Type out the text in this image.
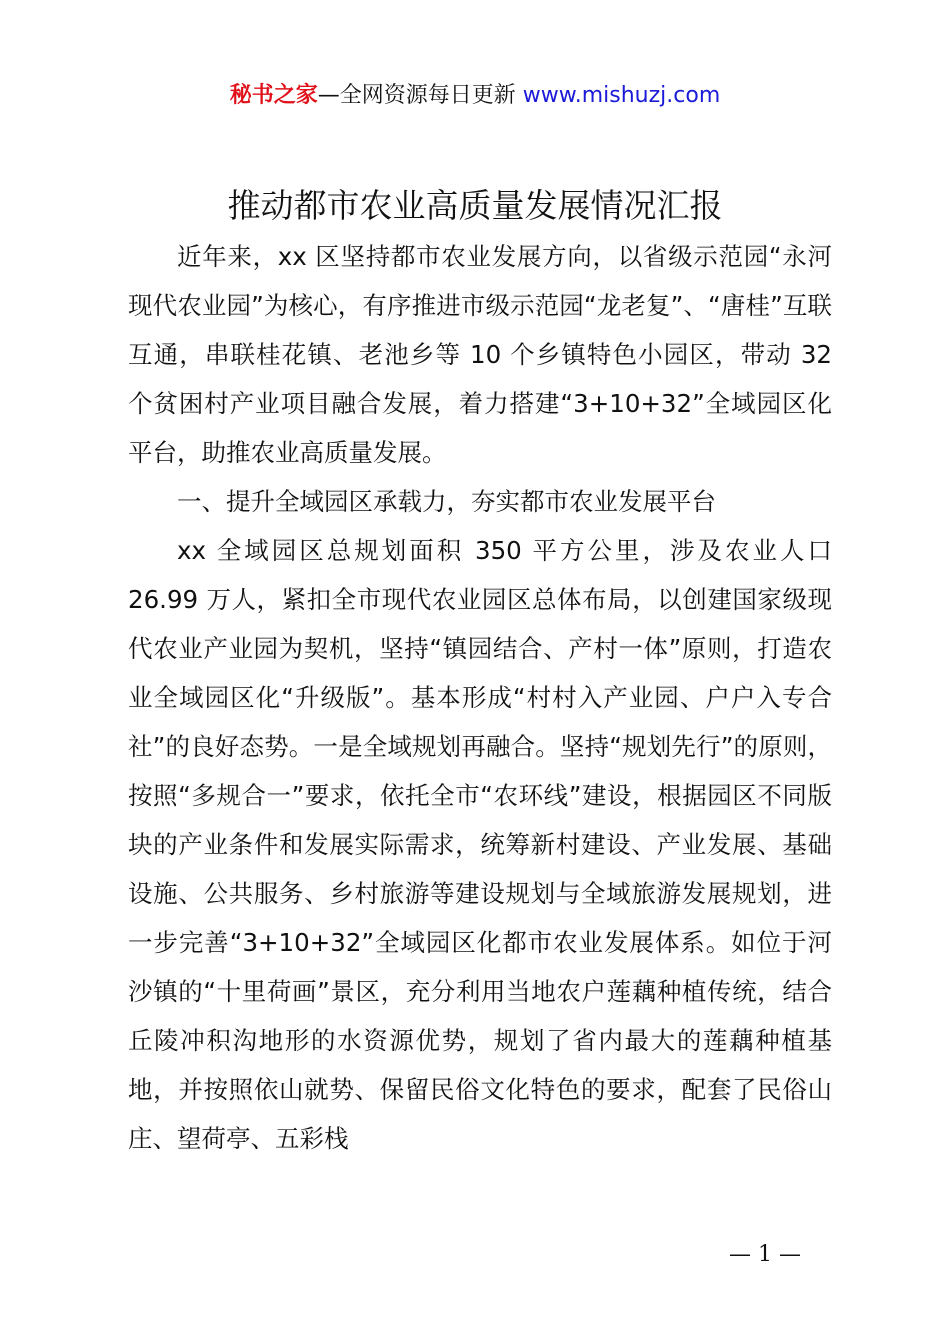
秘书之家—全网资源每日更新 www.mishuzj.com
推动都市农业高质量发展情况汇报

近年来，xx 区坚持都市农业发展方向，以省级示范园“永河现代农业园”为核心，有序推进市级示范园“龙老复”、“唐桂”互联互通，串联桂花镇、老池乡等 10 个乡镇特色小园区，带动 32 个贫困村产业项目融合发展，着力搭建“3+10+32”全域园区化平台，助推农业高质量发展。

一、提升全域园区承载力，夯实都市农业发展平台

xx 全域园区总规划面积 350 平方公里，涉及农业人口26.99 万人，紧扣全市现代农业园区总体布局，以创建国家级现代农业产业园为契机，坚持“镇园结合、产村一体”原则，打造农业全域园区化“升级版”。基本形成“村村入产业园、户户入专合社”的良好态势。一是全域规划再融合。坚持“规划先行”的原则，按照“多规合一”要求，依托全市“农环线”建设，根据园区不同版块的产业条件和发展实际需求，统筹新村建设、产业发展、基础设施、公共服务、乡村旅游等建设规划与全域旅游发展规划，进一步完善“3+10+32”全域园区化都市农业发展体系。如位于河沙镇的“十里荷画”景区，充分利用当地农户莲藕种植传统，结合丘陵冲积沟地形的水资源优势，规划了省内最大的莲藕种植基地，并按照依山就势、保留民俗文化特色的要求，配套了民俗山庄、望荷亭、五彩栈

— 1 —
